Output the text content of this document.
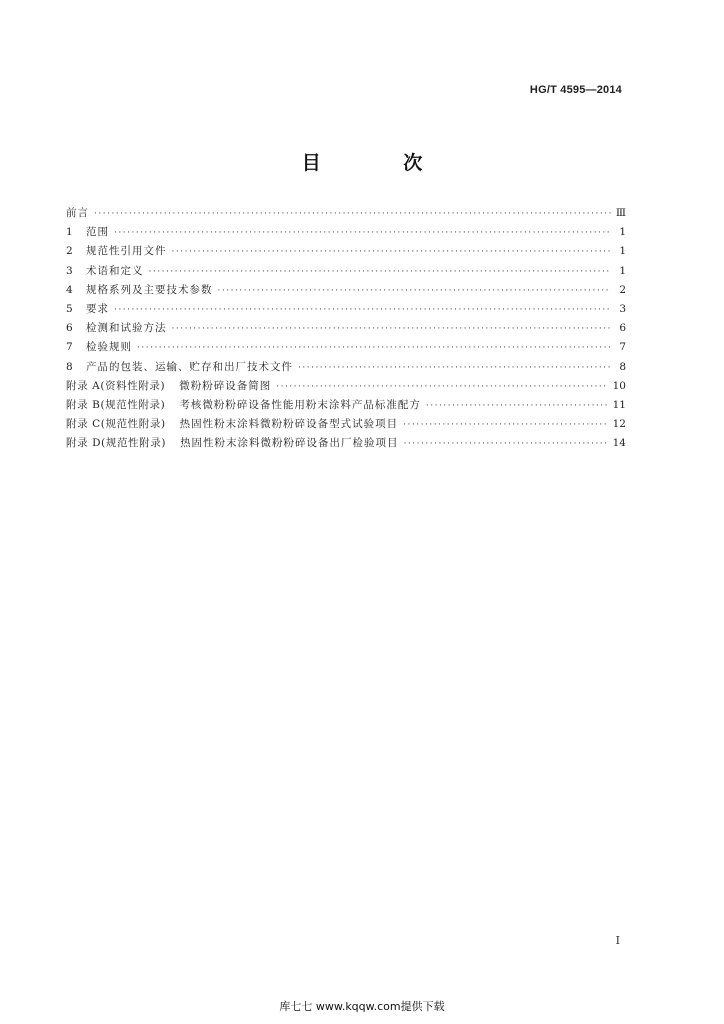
HG/T 4595—2014
目 次
前言 ·····	Ⅲ
1	范围 ·····	1
2	规范性引用文件 ·····	1
3	术语和定义 ·····	1
4	规格系列及主要技术参数 ·····	2
5	要求 ·····	3
6	检测和试验方法 ·····	6
7	检验规则 ·····	7
8	产品的包装、运输、贮存和出厂技术文件 ·····	8
附录 A(资料性附录) 微粉粉碎设备简图 ·····	10
附录 B(规范性附录) 考核微粉粉碎设备性能用粉末涂料产品标准配方 ·····	11
附录 C(规范性附录) 热固性粉末涂料微粉粉碎设备型式试验项目 ·····	12
附录 D(规范性附录) 热固性粉末涂料微粉粉碎设备出厂检验项目 ·····	14
I
库七七 www.kqqw.com提供下载
